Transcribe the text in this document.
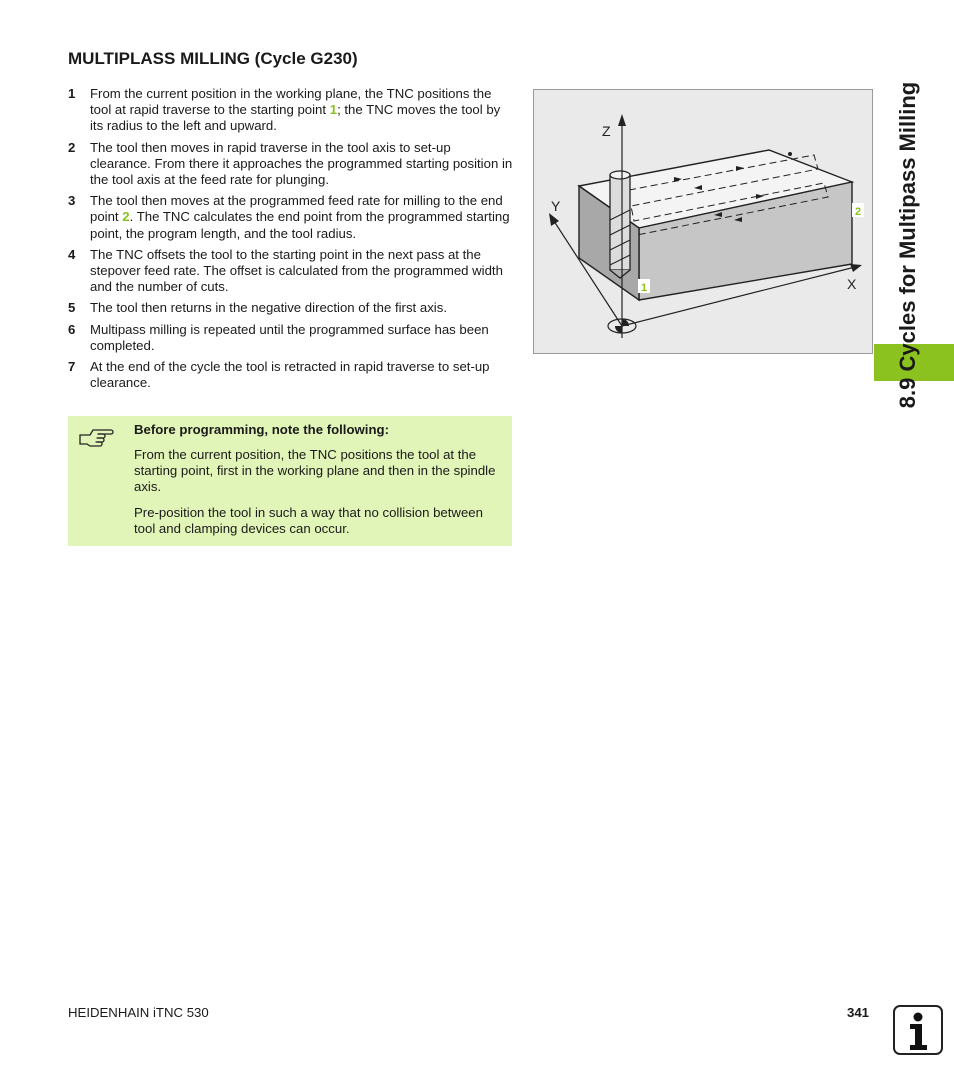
MULTIPLASS MILLING (Cycle G230)
1	From the current position in the working plane, the TNC positions the tool at rapid traverse to the starting point 1; the TNC moves the tool by its radius to the left and upward.
2	The tool then moves in rapid traverse in the tool axis to set-up clearance. From there it approaches the programmed starting position in the tool axis at the feed rate for plunging.
3	The tool then moves at the programmed feed rate for milling to the end point 2. The TNC calculates the end point from the programmed starting point, the program length, and the tool radius.
4	The TNC offsets the tool to the starting point in the next pass at the stepover feed rate. The offset is calculated from the programmed width and the number of cuts.
5	The tool then returns in the negative direction of the first axis.
6	Multipass milling is repeated until the programmed surface has been completed.
7	At the end of the cycle the tool is retracted in rapid traverse to set-up clearance.
Before programming, note the following:

From the current position, the TNC positions the tool at the starting point, first in the working plane and then in the spindle axis.

Pre-position the tool in such a way that no collision between tool and clamping devices can occur.

Z
Y
X
1
2 8.9 Cycles for Multipass Milling
HEIDENHAIN iTNC 530	341
